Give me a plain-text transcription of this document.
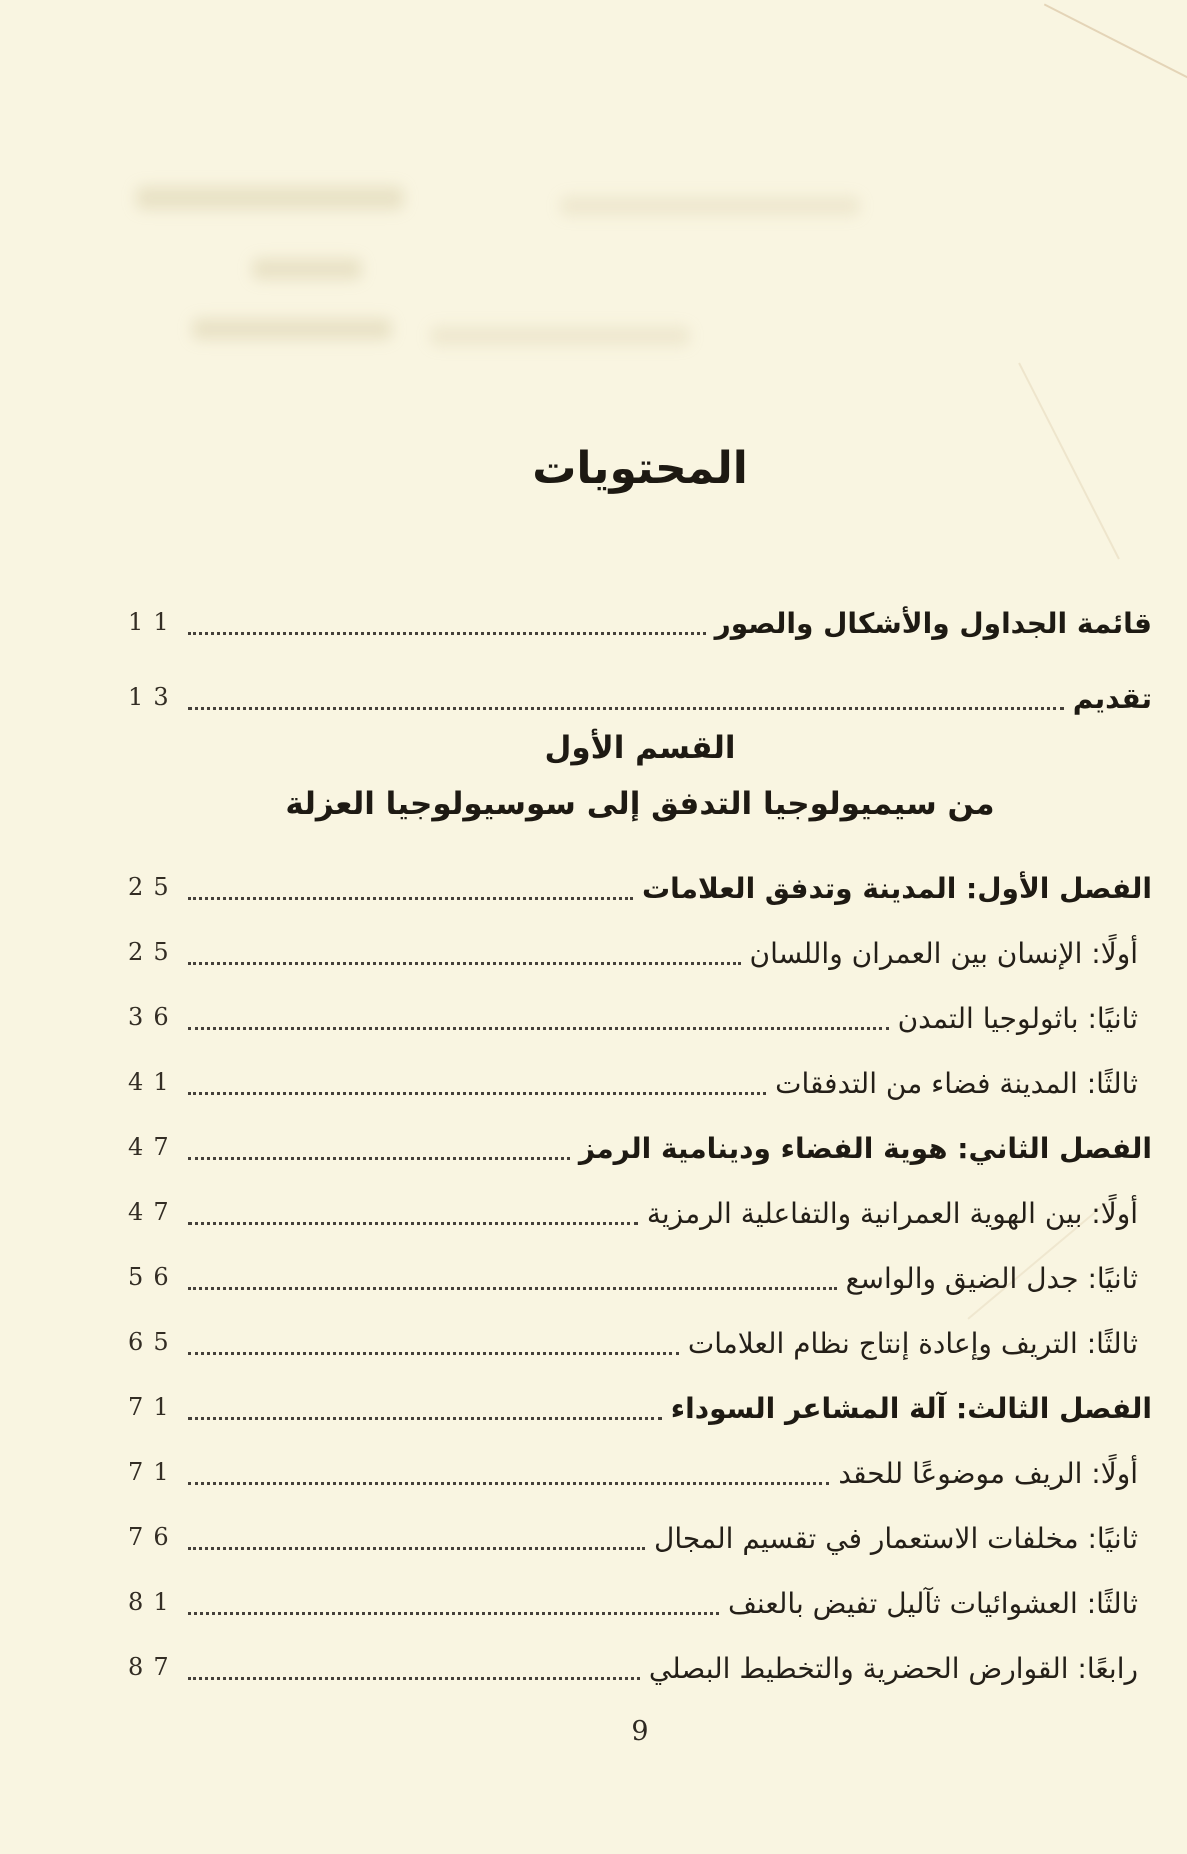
المحتويات
قائمة الجداول والأشكال والصور
11
تقديم
13
القسم الأول
من سيميولوجيا التدفق إلى سوسيولوجيا العزلة
الفصل الأول: المدينة وتدفق العلامات
25
أولًا: الإنسان بين العمران واللسان
25
ثانيًا: باثولوجيا التمدن
36
ثالثًا: المدينة فضاء من التدفقات
41
الفصل الثاني: هوية الفضاء ودينامية الرمز
47
أولًا: بين الهوية العمرانية والتفاعلية الرمزية
47
ثانيًا: جدل الضيق والواسع
56
ثالثًا: التريف وإعادة إنتاج نظام العلامات
65
الفصل الثالث: آلة المشاعر السوداء
71
أولًا: الريف موضوعًا للحقد
71
ثانيًا: مخلفات الاستعمار في تقسيم المجال
76
ثالثًا: العشوائيات ثآليل تفيض بالعنف
81
رابعًا: القوارض الحضرية والتخطيط البصلي
87
9
